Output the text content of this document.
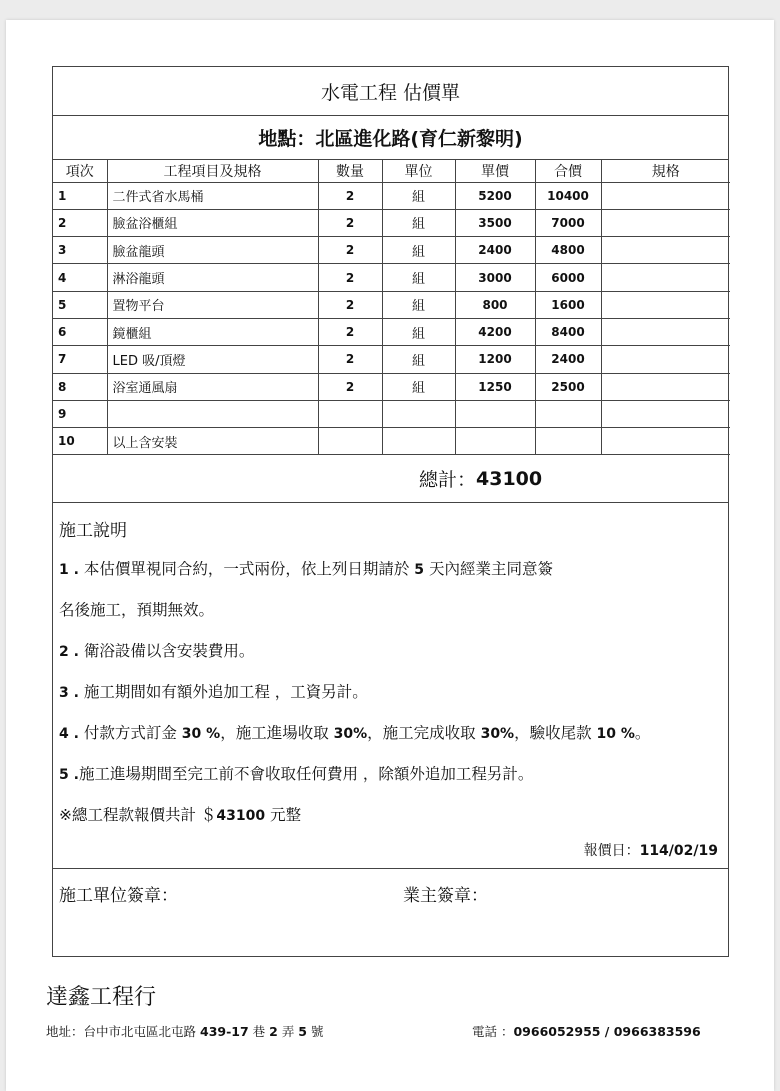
水電工程 估價單
地點：北區進化路(育仁新黎明)
項次	工程項目及規格	數量	單位	單價	合價	規格
1	二件式省水馬桶	2	組	5200	10400	
2	臉盆浴櫃組	2	組	3500	7000	
3	臉盆龍頭	2	組	2400	4800	
4	淋浴龍頭	2	組	3000	6000	
5	置物平台	2	組	800	1600	
6	鏡櫃組	2	組	4200	8400	
7	LED 吸/頂燈	2	組	1200	2400	
8	浴室通風扇	2	組	1250	2500	
9						
10	以上含安裝					
總計： 43100

施工說明

1 . 本估價單視同合約，一式兩份，依上列日期請於 5 天內經業主同意簽

名後施工，預期無效。

2 . 衛浴設備以含安裝費用。

3 . 施工期間如有額外追加工程 ，工資另計。

4 . 付款方式訂金 30 %，施工進場收取 30%，施工完成收取 30%，驗收尾款 10 %。

5 .施工進場期間至完工前不會收取任何費用 ，除額外追加工程另計。

※總工程款報價共計 ＄43100 元整

報價日：114/02/19
施工單位簽章：	業主簽章：
達鑫工程行
地址：台中市北屯區北屯路 439-17 巷 2 弄 5 號	電話 ：0966052955 / 0966383596
